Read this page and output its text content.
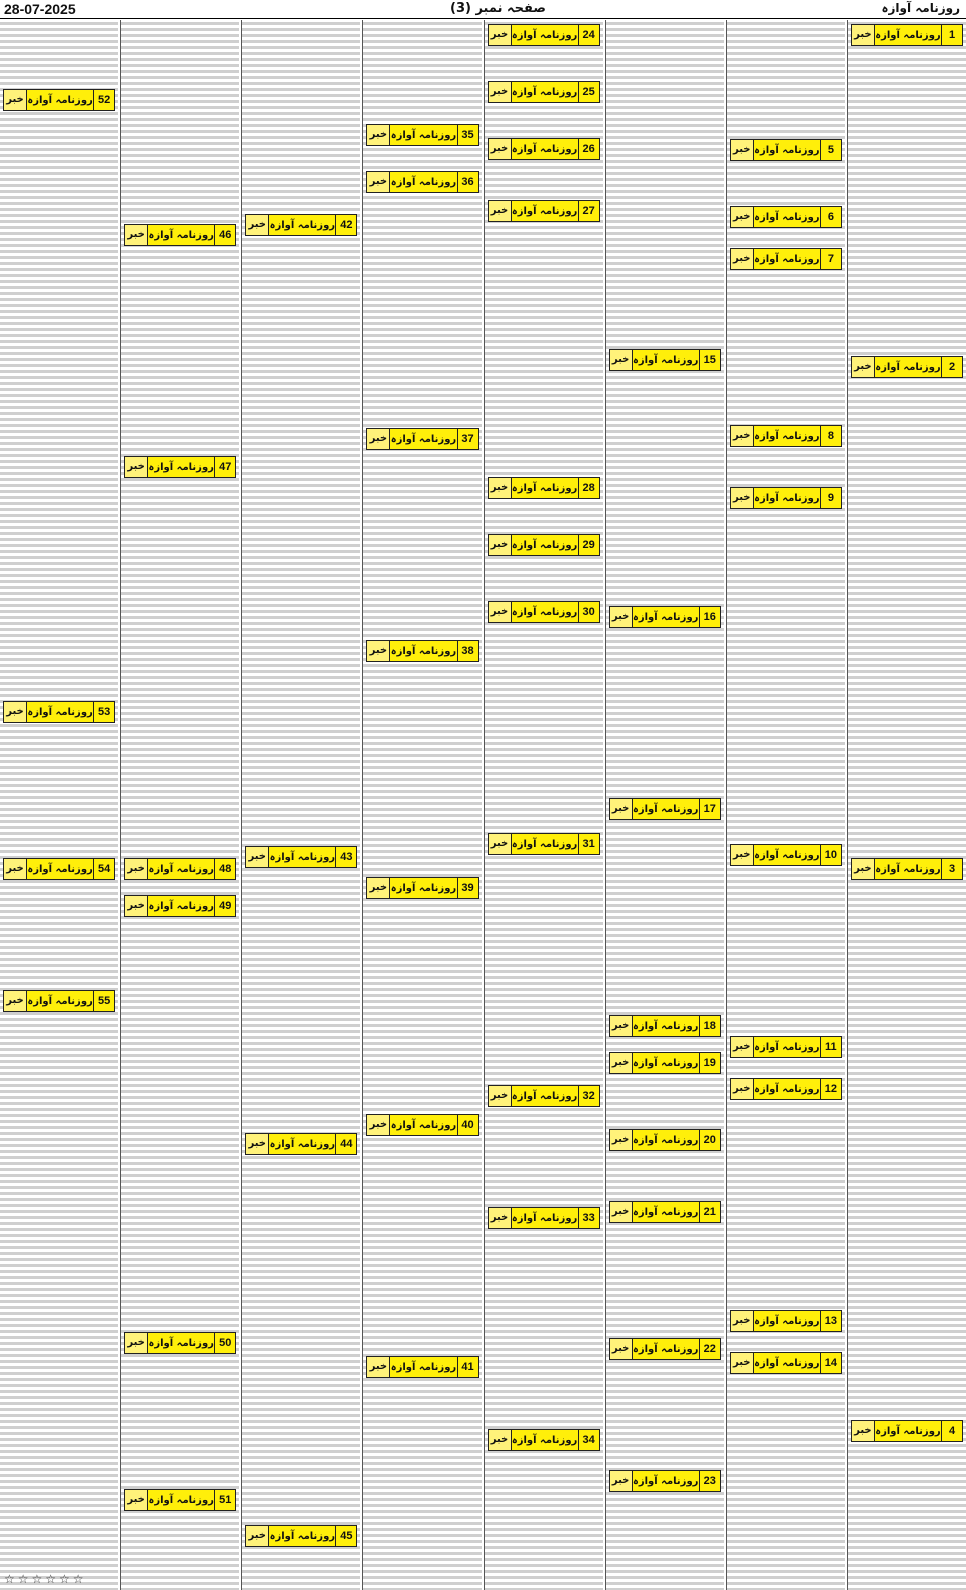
28-07-2025	صفحہ نمبر (3)	روزنامہ آوازہ
1
روزنامہ آوازہ
خبر
2
روزنامہ آوازہ
خبر
3
روزنامہ آوازہ
خبر
4
روزنامہ آوازہ
خبر
5
روزنامہ آوازہ
خبر
6
روزنامہ آوازہ
خبر
7
روزنامہ آوازہ
خبر
8
روزنامہ آوازہ
خبر
9
روزنامہ آوازہ
خبر
10
روزنامہ آوازہ
خبر
11
روزنامہ آوازہ
خبر
12
روزنامہ آوازہ
خبر
13
روزنامہ آوازہ
خبر
14
روزنامہ آوازہ
خبر
15
روزنامہ آوازہ
خبر
16
روزنامہ آوازہ
خبر
17
روزنامہ آوازہ
خبر
18
روزنامہ آوازہ
خبر
19
روزنامہ آوازہ
خبر
20
روزنامہ آوازہ
خبر
21
روزنامہ آوازہ
خبر
22
روزنامہ آوازہ
خبر
23
روزنامہ آوازہ
خبر
24
روزنامہ آوازہ
خبر
25
روزنامہ آوازہ
خبر
26
روزنامہ آوازہ
خبر
27
روزنامہ آوازہ
خبر
28
روزنامہ آوازہ
خبر
29
روزنامہ آوازہ
خبر
30
روزنامہ آوازہ
خبر
31
روزنامہ آوازہ
خبر
32
روزنامہ آوازہ
خبر
33
روزنامہ آوازہ
خبر
34
روزنامہ آوازہ
خبر
35
روزنامہ آوازہ
خبر
36
روزنامہ آوازہ
خبر
37
روزنامہ آوازہ
خبر
38
روزنامہ آوازہ
خبر
39
روزنامہ آوازہ
خبر
40
روزنامہ آوازہ
خبر
41
روزنامہ آوازہ
خبر
42
روزنامہ آوازہ
خبر
43
روزنامہ آوازہ
خبر
44
روزنامہ آوازہ
خبر
45
روزنامہ آوازہ
خبر
46
روزنامہ آوازہ
خبر
47
روزنامہ آوازہ
خبر
48
روزنامہ آوازہ
خبر
49
روزنامہ آوازہ
خبر
50
روزنامہ آوازہ
خبر
51
روزنامہ آوازہ
خبر
52
روزنامہ آوازہ
خبر
53
روزنامہ آوازہ
خبر
54
روزنامہ آوازہ
خبر
55
روزنامہ آوازہ
خبر
☆☆☆☆☆☆
